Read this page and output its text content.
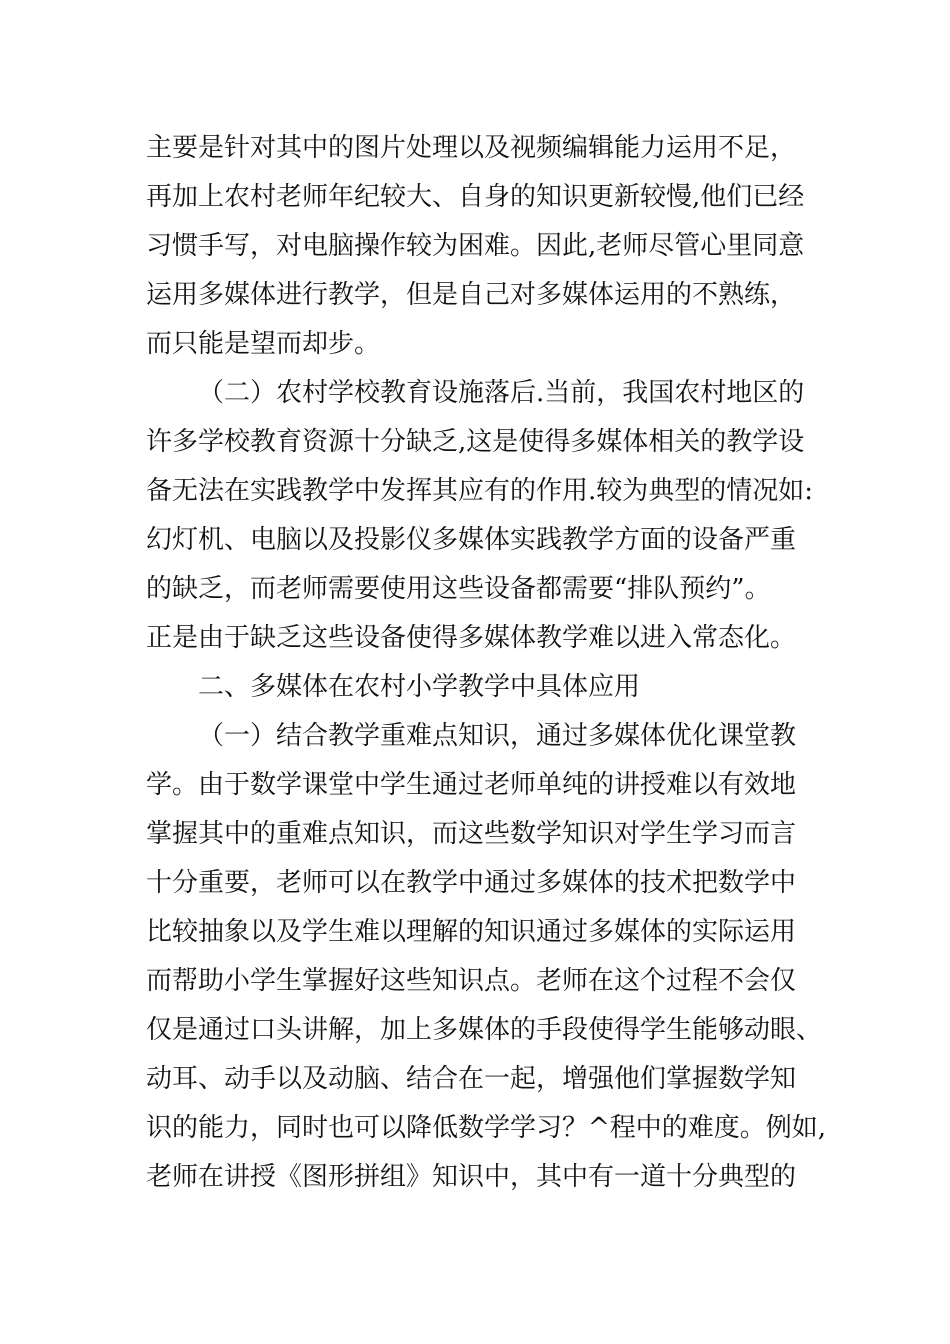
主要是针对其中的图片处理以及视频编辑能力运用不足，
再加上农村老师年纪较大、自身的知识更新较慢,他们已经
习惯手写，对电脑操作较为困难。因此,老师尽管心里同意
运用多媒体进行教学，但是自己对多媒体运用的不熟练，
而只能是望而却步。
（二）农村学校教育设施落后.当前，我国农村地区的
许多学校教育资源十分缺乏,这是使得多媒体相关的教学设
备无法在实践教学中发挥其应有的作用.较为典型的情况如:
幻灯机、电脑以及投影仪多媒体实践教学方面的设备严重
的缺乏，而老师需要使用这些设备都需要“排队预约”。
正是由于缺乏这些设备使得多媒体教学难以进入常态化。
二、多媒体在农村小学教学中具体应用
（一）结合教学重难点知识，通过多媒体优化课堂教
学。由于数学课堂中学生通过老师单纯的讲授难以有效地
掌握其中的重难点知识，而这些数学知识对学生学习而言
十分重要，老师可以在教学中通过多媒体的技术把数学中
比较抽象以及学生难以理解的知识通过多媒体的实际运用
而帮助小学生掌握好这些知识点。老师在这个过程不会仅
仅是通过口头讲解，加上多媒体的手段使得学生能够动眼、
动耳、动手以及动脑、结合在一起，增强他们掌握数学知
识的能力，同时也可以降低数学学习？^程中的难度。例如,
老师在讲授《图形拼组》知识中，其中有一道十分典型的
